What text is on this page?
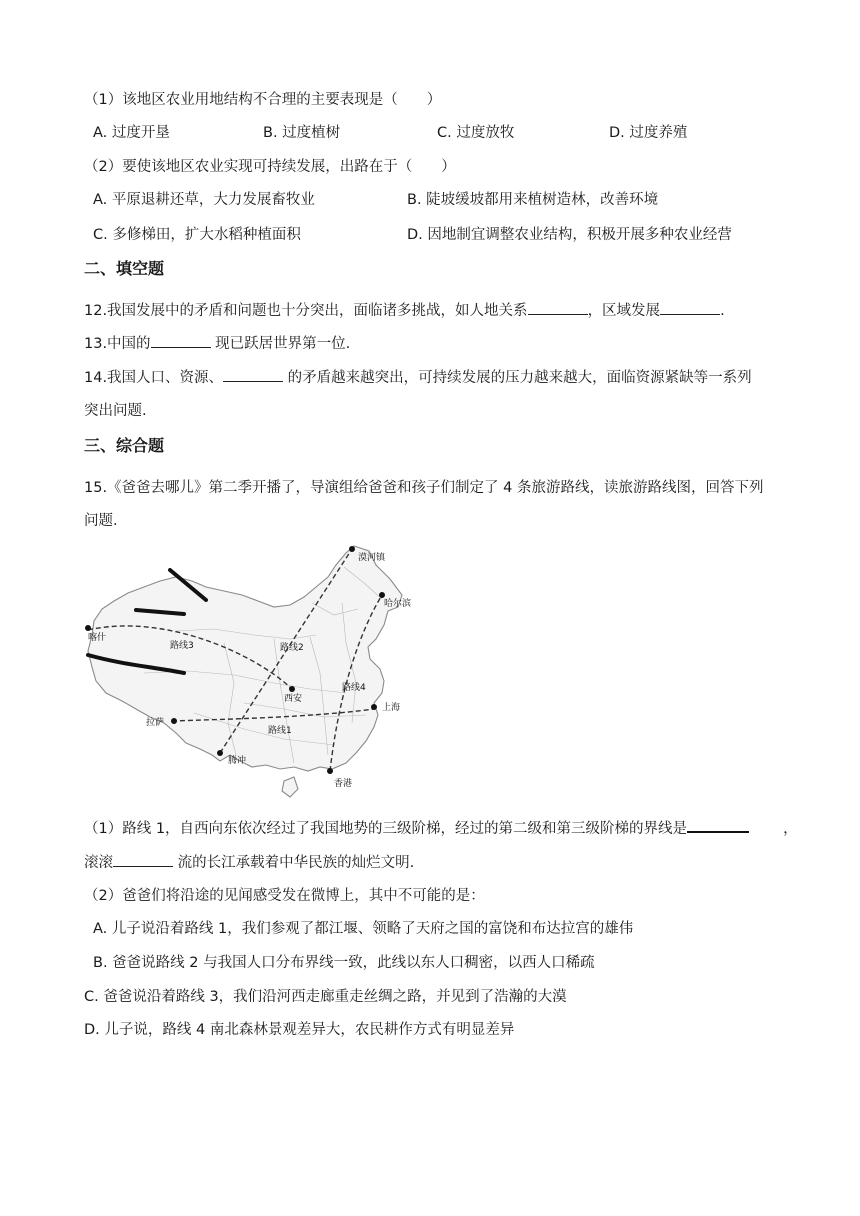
（1）该地区农业用地结构不合理的主要表现是（　　）
A. 过度开垦	B. 过度植树	C. 过度放牧	D. 过度养殖
（2）要使该地区农业实现可持续发展，出路在于（　　）
A. 平原退耕还草，大力发展畜牧业	B. 陡坡缓坡都用来植树造林，改善环境
C. 多修梯田，扩大水稻种植面积	D. 因地制宜调整农业结构，积极开展多种农业经营
二、填空题
12.我国发展中的矛盾和问题也十分突出，面临诸多挑战，如人地关系	，区域发展	.
13.中国的	现已跃居世界第一位.
14.我国人口、资源、	的矛盾越来越突出，可持续发展的压力越来越大，面临资源紧缺等一系列
突出问题.
三、综合题
15.《爸爸去哪儿》第二季开播了，导演组给爸爸和孩子们制定了 4 条旅游路线，读旅游路线图，回答下列
问题.
漠河镇
哈尔滨
喀什
西安
上海
拉萨
腾冲
香港
路线1
路线2
路线3
路线4
（1）路线 1，自西向东依次经过了我国地势的三级阶梯，经过的第二级和第三级阶梯的界线是	，
滚滚	流的长江承载着中华民族的灿烂文明.
（2）爸爸们将沿途的见闻感受发在微博上，其中不可能的是：
A. 儿子说沿着路线 1，我们参观了都江堰、领略了天府之国的富饶和布达拉宫的雄伟
B. 爸爸说路线 2 与我国人口分布界线一致，此线以东人口稠密，以西人口稀疏
C. 爸爸说沿着路线 3，我们沿河西走廊重走丝绸之路，并见到了浩瀚的大漠
D. 儿子说，路线 4 南北森林景观差异大，农民耕作方式有明显差异
